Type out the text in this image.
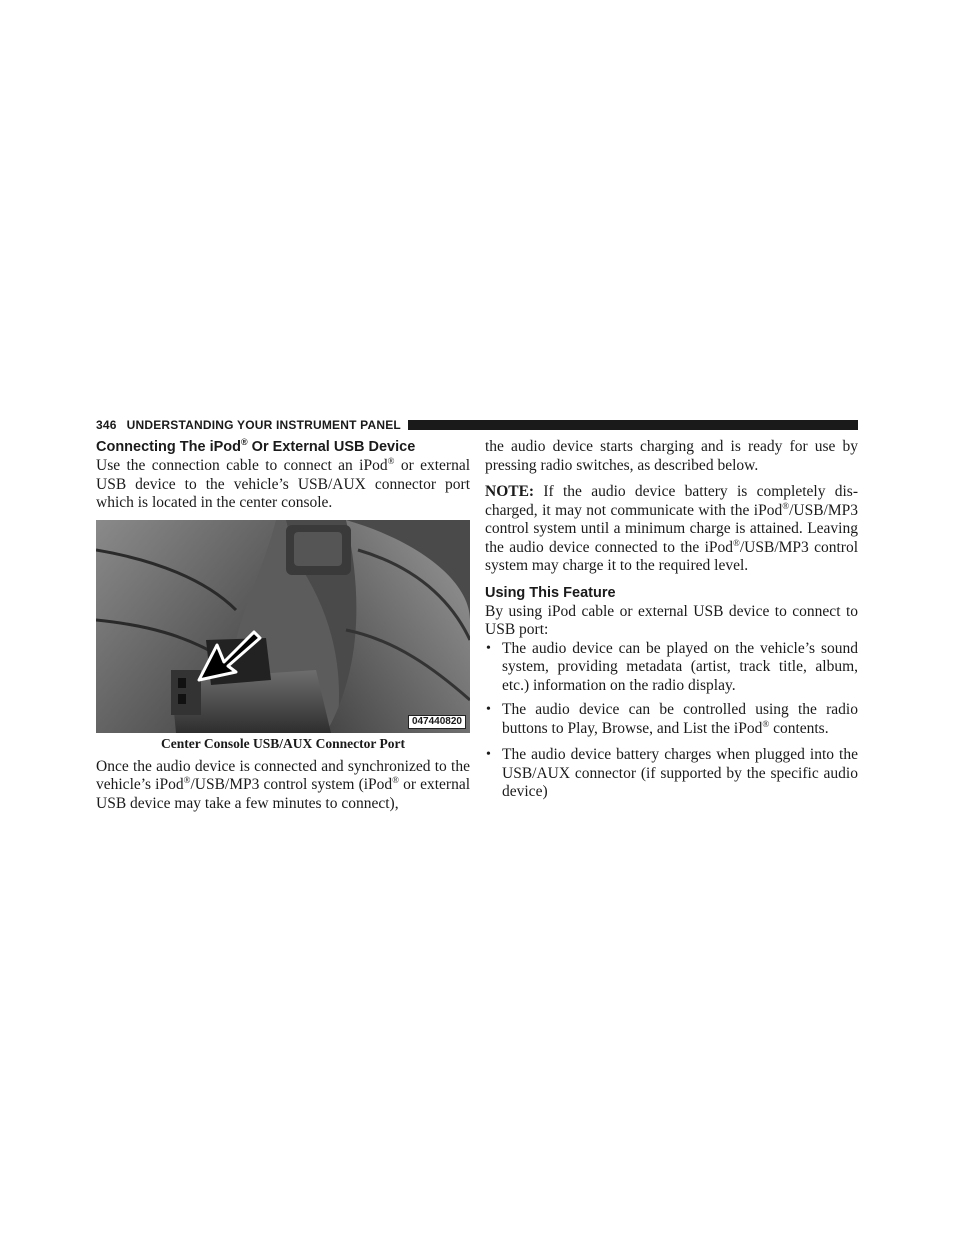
346 UNDERSTANDING YOUR INSTRUMENT PANEL
Connecting The iPod® Or External USB Device

Use the connection cable to connect an iPod® or external USB device to the vehicle’s USB/AUX connector port which is located in the center console.

047440820
Center Console USB/AUX Connector Port

Once the audio device is connected and synchronized to the vehicle’s iPod®/USB/MP3 control system (iPod® or external USB device may take a few minutes to connect),

the audio device starts charging and is ready for use by pressing radio switches, as described below.

NOTE: If the audio device battery is completely dis-charged, it may not communicate with the iPod®/USB/MP3 control system until a minimum charge is attained. Leaving the audio device connected to the iPod®/USB/MP3 control system may charge it to the required level.

Using This Feature

By using iPod cable or external USB device to connect to USB port:

• The audio device can be played on the vehicle’s sound system, providing metadata (artist, track title, album, etc.) information on the radio display.
• The audio device can be controlled using the radio buttons to Play, Browse, and List the iPod® contents.
• The audio device battery charges when plugged into the USB/AUX connector (if supported by the specific audio device)
